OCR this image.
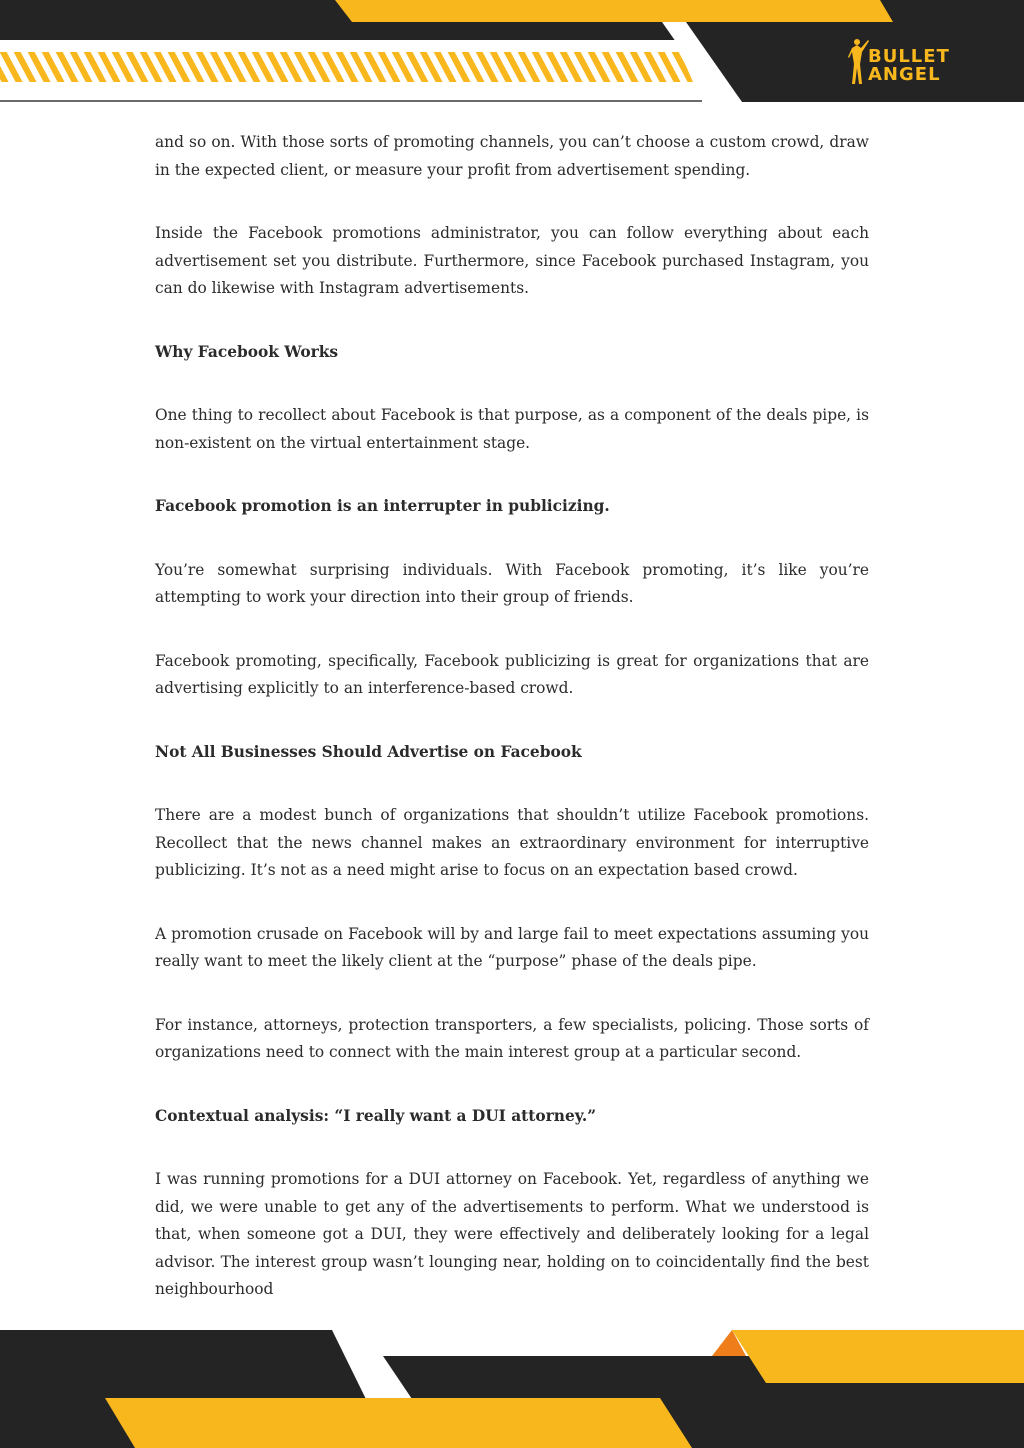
BULLET
ANGEL

and so on. With those sorts of promoting channels, you can’t choose a custom crowd, draw in the expected client, or measure your profit from advertisement spending.

Inside the Facebook promotions administrator, you can follow everything about each advertisement set you distribute. Furthermore, since Facebook purchased Instagram, you can do likewise with Instagram advertisements.

Why Facebook Works

One thing to recollect about Facebook is that purpose, as a component of the deals pipe, is non-existent on the virtual entertainment stage.

Facebook promotion is an interrupter in publicizing.

You’re somewhat surprising individuals. With Facebook promoting, it’s like you’re attempting to work your direction into their group of friends.

Facebook promoting, specifically, Facebook publicizing is great for organizations that are advertising explicitly to an interference-based crowd.

Not All Businesses Should Advertise on Facebook

There are a modest bunch of organizations that shouldn’t utilize Facebook promotions. Recollect that the news channel makes an extraordinary environment for interruptive publicizing. It’s not as a need might arise to focus on an expectation based crowd.

A promotion crusade on Facebook will by and large fail to meet expectations assuming you really want to meet the likely client at the “purpose” phase of the deals pipe.

For instance, attorneys, protection transporters, a few specialists, policing. Those sorts of organizations need to connect with the main interest group at a particular second.

Contextual analysis: “I really want a DUI attorney.”

I was running promotions for a DUI attorney on Facebook. Yet, regardless of anything we did, we were unable to get any of the advertisements to perform. What we understood is that, when someone got a DUI, they were effectively and deliberately looking for a legal advisor. The interest group wasn’t lounging near, holding on to coincidentally find the best neighbourhood
